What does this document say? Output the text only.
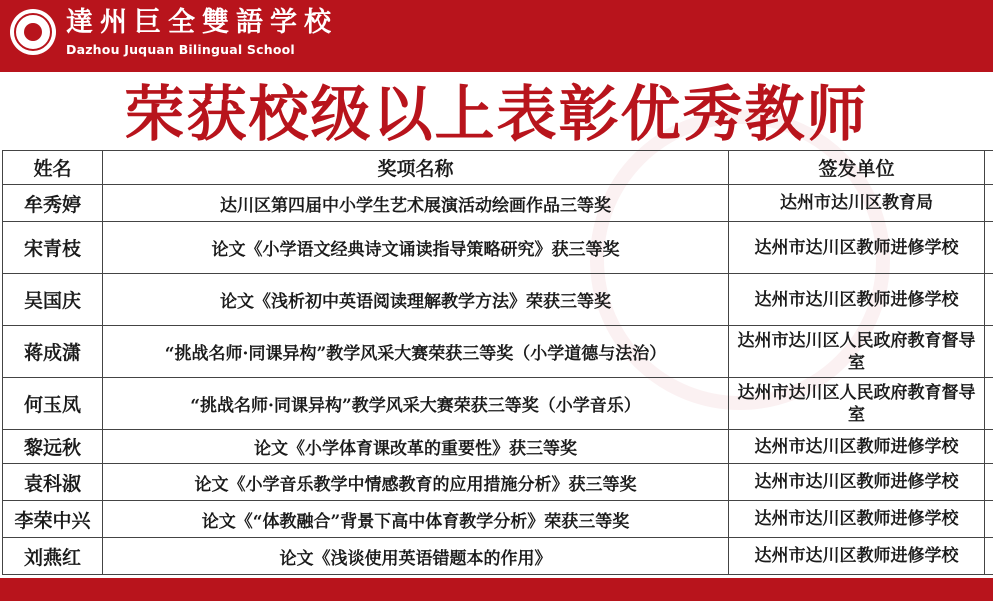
達州巨全雙語学校
Dazhou Juquan Bilingual School
荣获校级以上表彰优秀教师
姓名	奖项名称	签发单位	
牟秀婷	达川区第四届中小学生艺术展演活动绘画作品三等奖	达州市达川区教育局	
宋青枝	论文《小学语文经典诗文诵读指导策略研究》获三等奖	达州市达川区教师进修学校	
吴国庆	论文《浅析初中英语阅读理解教学方法》荣获三等奖	达州市达川区教师进修学校	
蒋成潇	“挑战名师·同课异构”教学风采大赛荣获三等奖（小学道德与法治）	达州市达川区人民政府教育督导室	
何玉凤	“挑战名师·同课异构”教学风采大赛荣获三等奖（小学音乐）	达州市达川区人民政府教育督导室	
黎远秋	论文《小学体育课改革的重要性》获三等奖	达州市达川区教师进修学校	
袁科淑	论文《小学音乐教学中情感教育的应用措施分析》获三等奖	达州市达川区教师进修学校	
李荣中兴	论文《“体教融合”背景下高中体育教学分析》荣获三等奖	达州市达川区教师进修学校	
刘燕红	论文《浅谈使用英语错题本的作用》	达州市达川区教师进修学校	
